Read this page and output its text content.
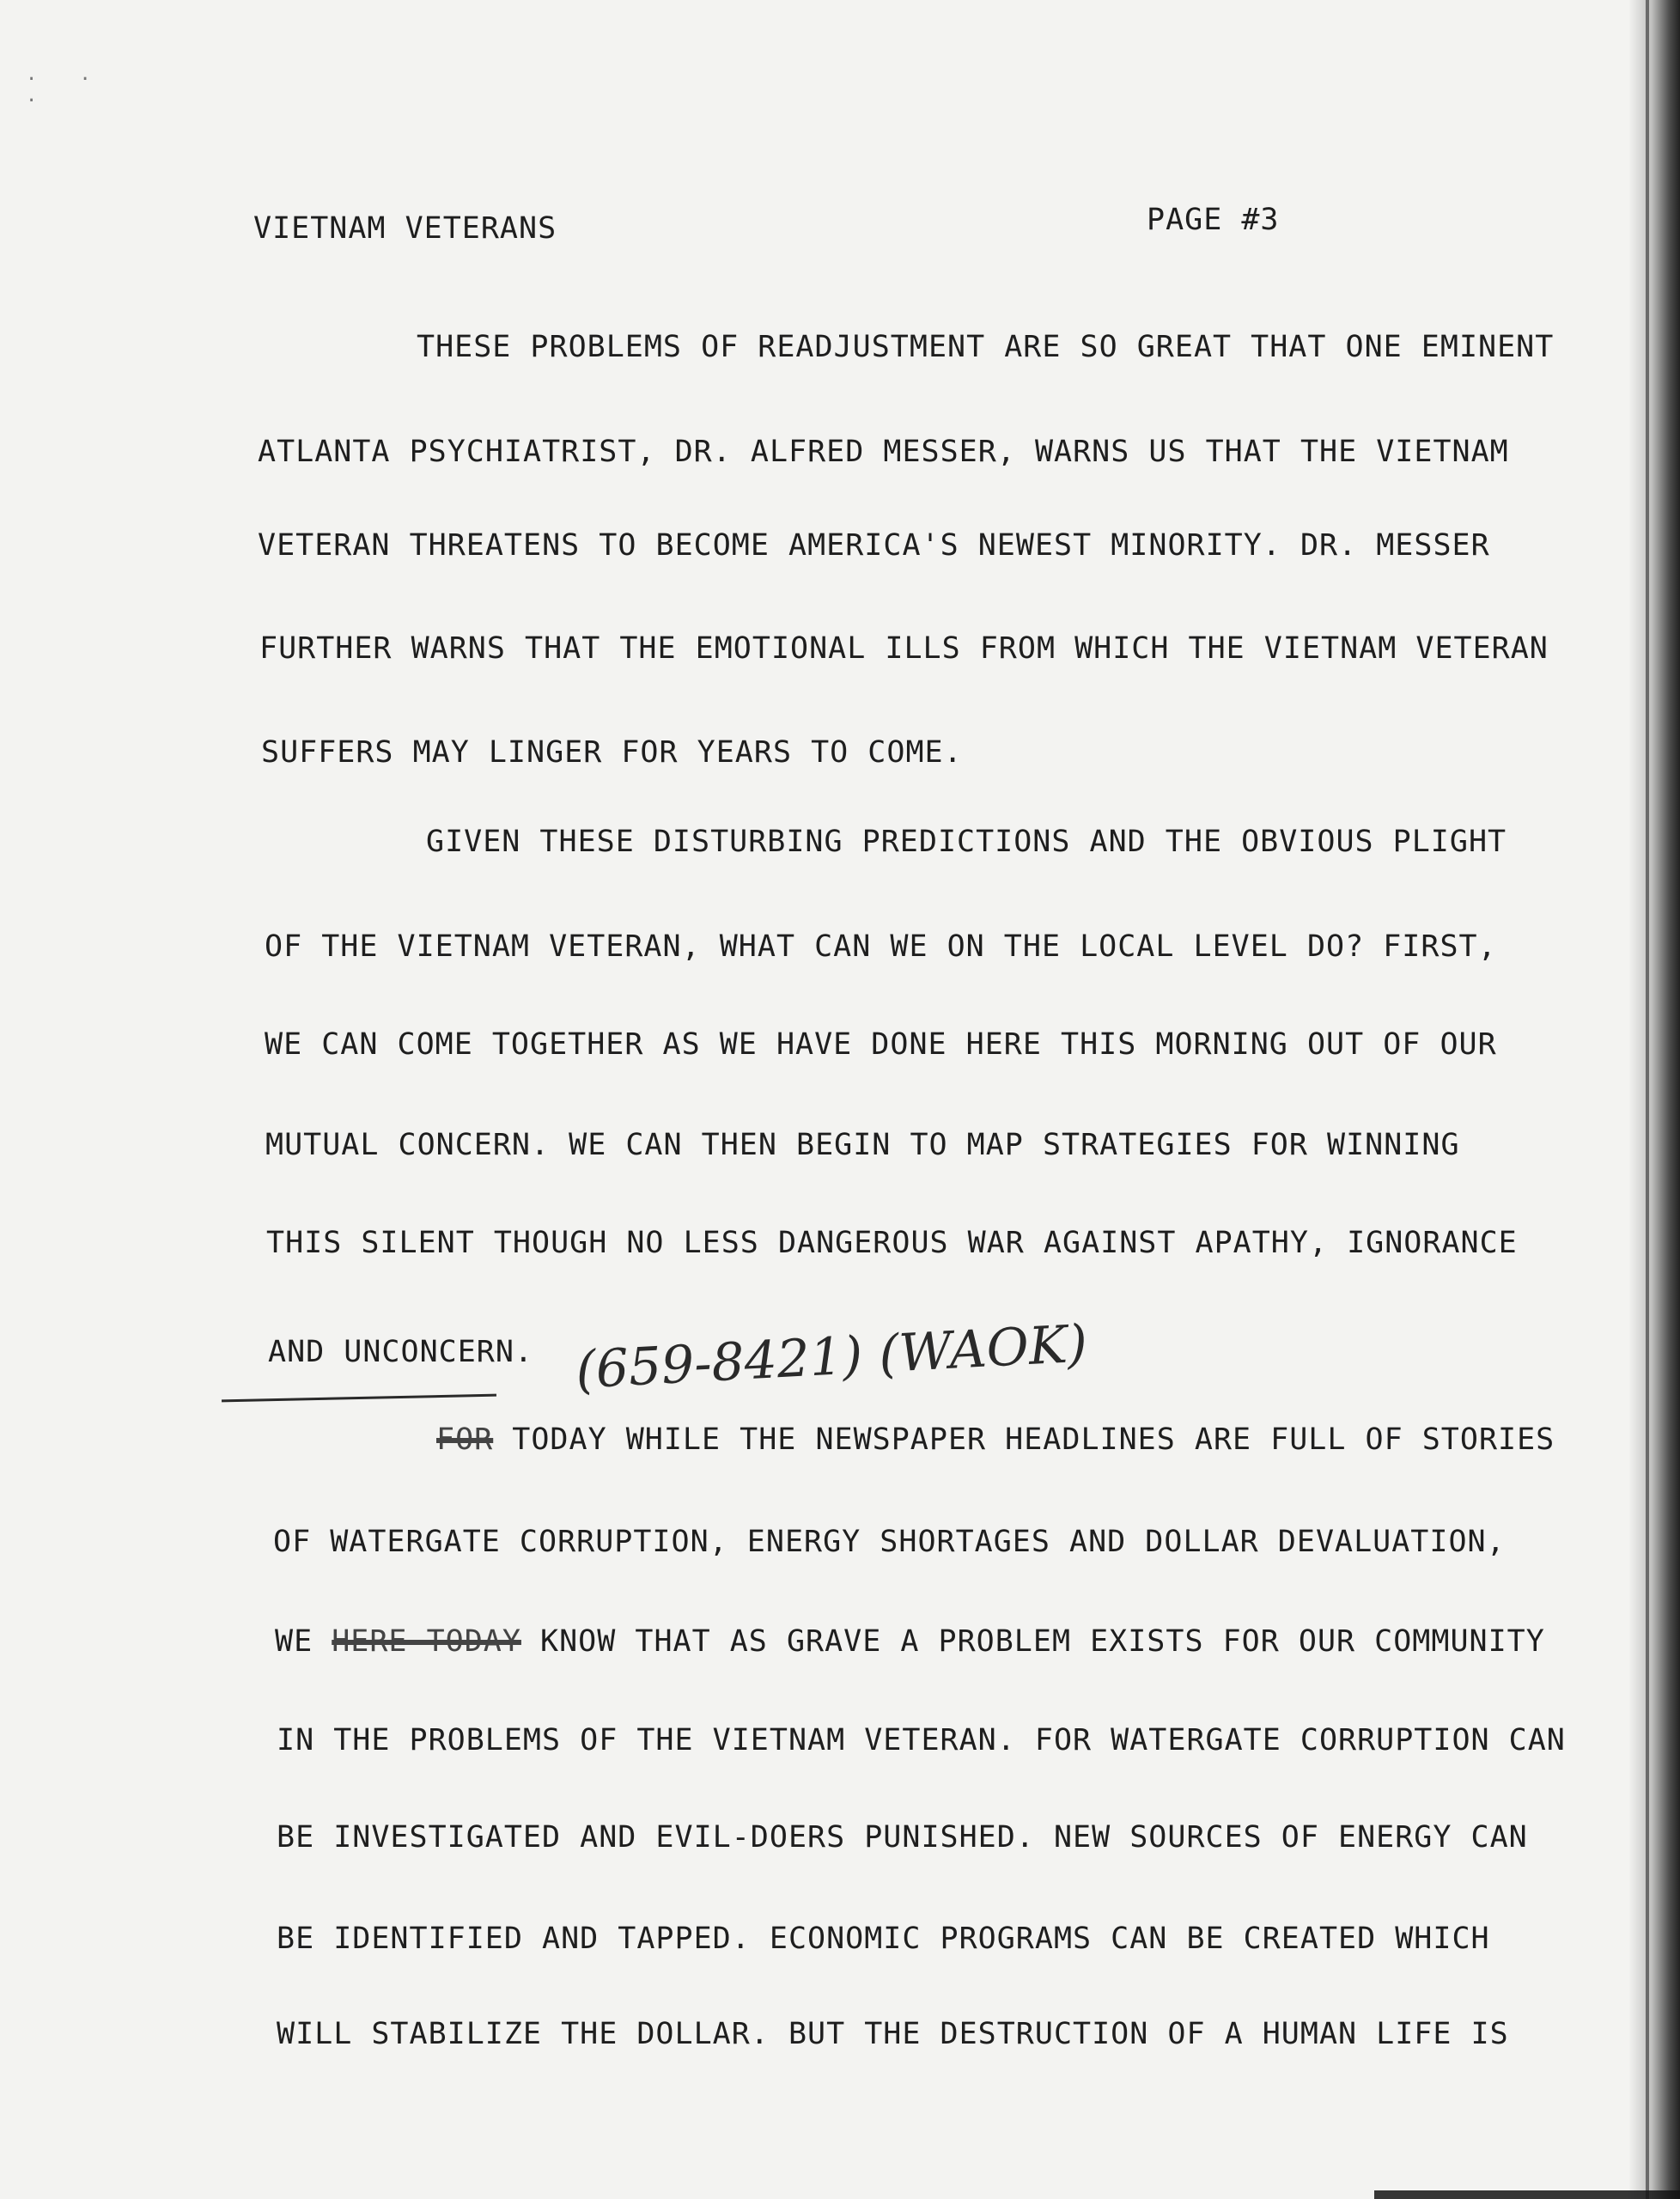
· · ·
VIETNAM VETERANS	PAGE #3
THESE PROBLEMS OF READJUSTMENT ARE SO GREAT THAT ONE EMINENT
ATLANTA PSYCHIATRIST, DR. ALFRED MESSER, WARNS US THAT THE VIETNAM
VETERAN THREATENS TO BECOME AMERICA'S NEWEST MINORITY. DR. MESSER
FURTHER WARNS THAT THE EMOTIONAL ILLS FROM WHICH THE VIETNAM VETERAN
SUFFERS MAY LINGER FOR YEARS TO COME.
GIVEN THESE DISTURBING PREDICTIONS AND THE OBVIOUS PLIGHT
OF THE VIETNAM VETERAN, WHAT CAN WE ON THE LOCAL LEVEL DO? FIRST,
WE CAN COME TOGETHER AS WE HAVE DONE HERE THIS MORNING OUT OF OUR
MUTUAL CONCERN. WE CAN THEN BEGIN TO MAP STRATEGIES FOR WINNING
THIS SILENT THOUGH NO LESS DANGEROUS WAR AGAINST APATHY, IGNORANCE
AND UNCONCERN. (659-8421) (WAOK)
FOR TODAY WHILE THE NEWSPAPER HEADLINES ARE FULL OF STORIES
OF WATERGATE CORRUPTION, ENERGY SHORTAGES AND DOLLAR DEVALUATION,
WE HERE TODAY KNOW THAT AS GRAVE A PROBLEM EXISTS FOR OUR COMMUNITY
IN THE PROBLEMS OF THE VIETNAM VETERAN. FOR WATERGATE CORRUPTION CAN
BE INVESTIGATED AND EVIL-DOERS PUNISHED. NEW SOURCES OF ENERGY CAN
BE IDENTIFIED AND TAPPED. ECONOMIC PROGRAMS CAN BE CREATED WHICH
WILL STABILIZE THE DOLLAR. BUT THE DESTRUCTION OF A HUMAN LIFE IS
